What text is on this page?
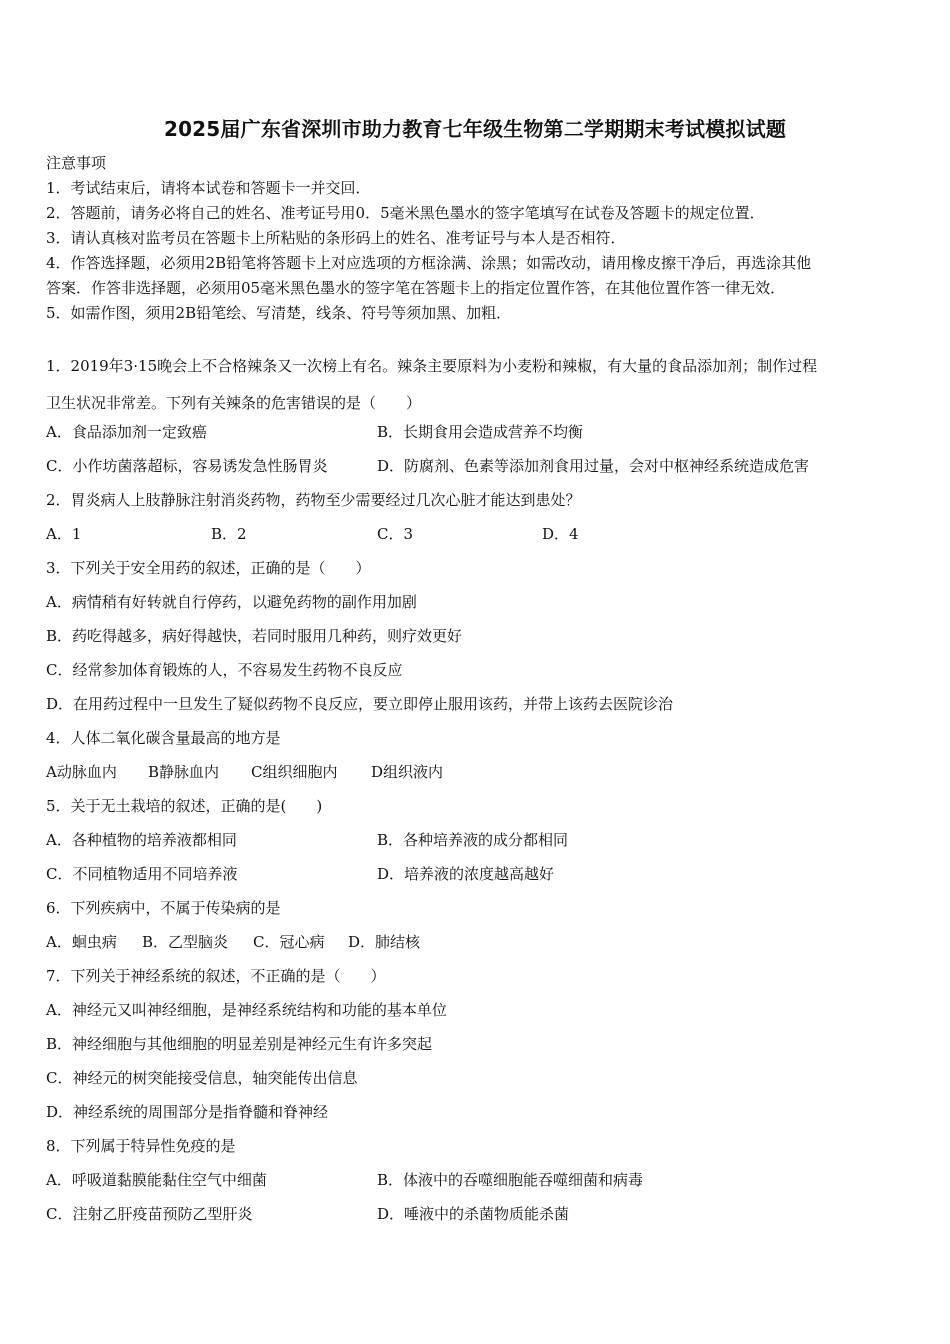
2025届广东省深圳市助力教育七年级生物第二学期期末考试模拟试题
注意事项
1．考试结束后，请将本试卷和答题卡一并交回．
2．答题前，请务必将自己的姓名、准考证号用0．5毫米黑色墨水的签字笔填写在试卷及答题卡的规定位置．
3．请认真核对监考员在答题卡上所粘贴的条形码上的姓名、准考证号与本人是否相符．
4．作答选择题，必须用2B铅笔将答题卡上对应选项的方框涂满、涂黑；如需改动，请用橡皮擦干净后，再选涂其他
答案．作答非选择题，必须用05毫米黑色墨水的签字笔在答题卡上的指定位置作答，在其他位置作答一律无效．
5．如需作图，须用2B铅笔绘、写清楚，线条、符号等须加黑、加粗．
1．2019年3·15晚会上不合格辣条又一次榜上有名。辣条主要原料为小麦粉和辣椒，有大量的食品添加剂；制作过程
卫生状况非常差。下列有关辣条的危害错误的是（　　）
A．食品添加剂一定致癌	B．长期食用会造成营养不均衡
C．小作坊菌落超标，容易诱发急性肠胃炎	D．防腐剂、色素等添加剂食用过量，会对中枢神经系统造成危害
2．胃炎病人上肢静脉注射消炎药物，药物至少需要经过几次心脏才能达到患处？
A．1	B．2	C．3	D．4
3．下列关于安全用药的叙述，正确的是（　　）
A．病情稍有好转就自行停药，以避免药物的副作用加剧
B．药吃得越多，病好得越快，若同时服用几种药，则疗效更好
C．经常参加体育锻炼的人，不容易发生药物不良反应
D．在用药过程中一旦发生了疑似药物不良反应，要立即停止服用该药，并带上该药去医院诊治
4．人体二氧化碳含量最高的地方是
A动脉血内 B静脉血内 C组织细胞内 D组织液内
5．关于无土栽培的叙述，正确的是(　　)
A．各种植物的培养液都相同	B．各种培养液的成分都相同
C．不同植物适用不同培养液	D．培养液的浓度越高越好
6．下列疾病中，不属于传染病的是
A．蛔虫病 B．乙型脑炎 C．冠心病 D．肺结核
7．下列关于神经系统的叙述，不正确的是（　　）
A．神经元又叫神经细胞，是神经系统结构和功能的基本单位
B．神经细胞与其他细胞的明显差别是神经元生有许多突起
C．神经元的树突能接受信息，轴突能传出信息
D．神经系统的周围部分是指脊髓和脊神经
8．下列属于特异性免疫的是
A．呼吸道黏膜能黏住空气中细菌	B．体液中的吞噬细胞能吞噬细菌和病毒
C．注射乙肝疫苗预防乙型肝炎	D．唾液中的杀菌物质能杀菌
